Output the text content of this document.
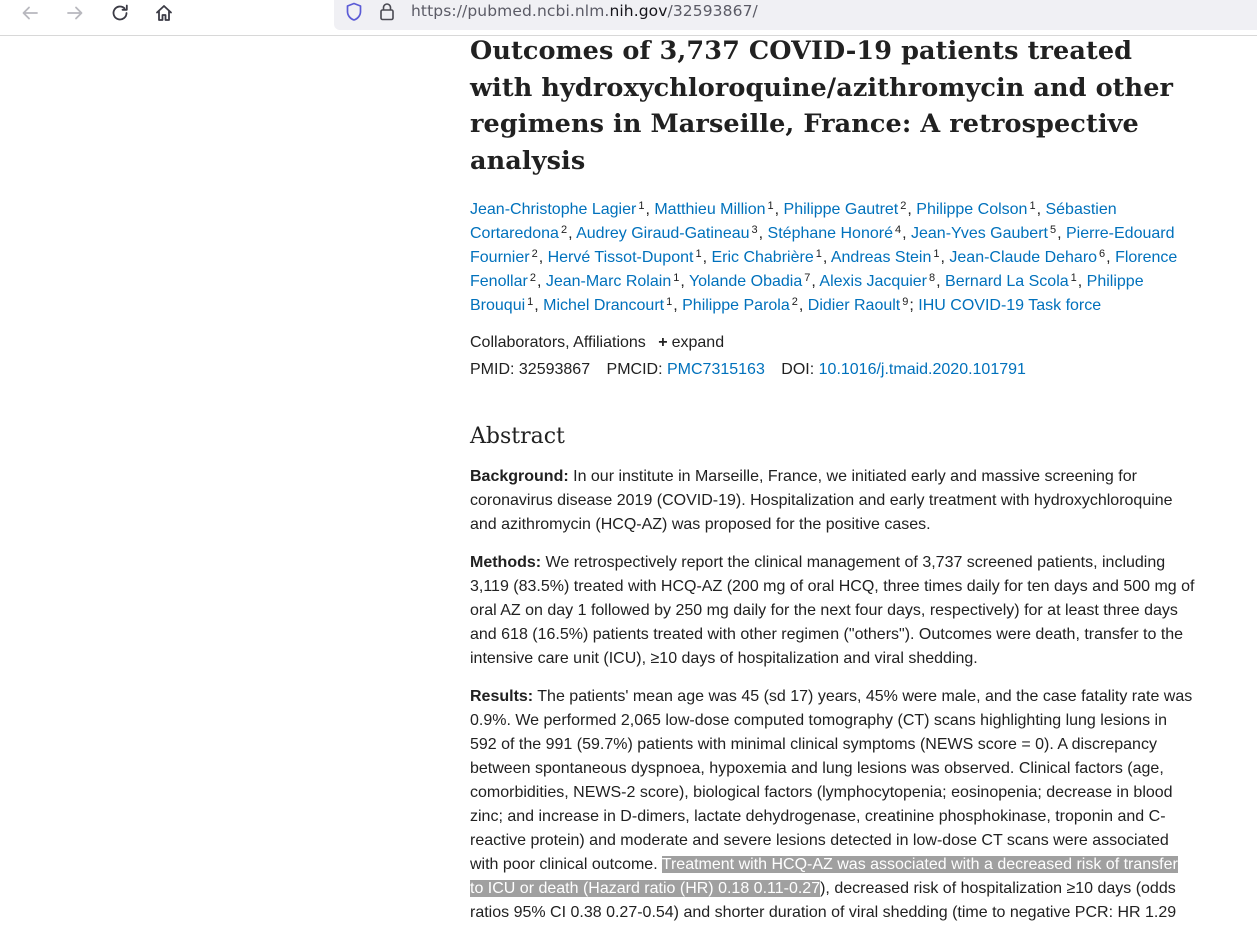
https://pubmed.ncbi.nlm.nih.gov/32593867/
Outcomes of 3,737 COVID-19 patients treated with hydroxychloroquine/azithromycin and other regimens in Marseille, France: A retrospective analysis
Jean-Christophe Lagier $^1$, Matthieu Million $^1$, Philippe Gautret $^2$, Philippe Colson $^1$, Sébastien Cortaredona $^2$, Audrey Giraud-Gatineau $^3$, Stéphane Honoré $^4$, Jean-Yves Gaubert $^5$, Pierre-Edouard Fournier $^2$, Hervé Tissot-Dupont $^1$, Eric Chabrière $^1$, Andreas Stein $^1$, Jean-Claude Deharo $^6$, Florence Fenollar $^2$, Jean-Marc Rolain $^1$, Yolande Obadia $^7$, Alexis Jacquier $^8$, Bernard La Scola $^1$, Philippe Brouqui $^1$, Michel Drancourt $^1$, Philippe Parola $^2$, Didier Raoult $^9$; IHU COVID-19 Task force
Collaborators, Affiliations + expand
PMID: 32593867 PMCID: PMC7315163 DOI: 10.1016/j.tmaid.2020.101791
Abstract

Background: In our institute in Marseille, France, we initiated early and massive screening for coronavirus disease 2019 (COVID-19). Hospitalization and early treatment with hydroxychloroquine and azithromycin (HCQ-AZ) was proposed for the positive cases.

Methods: We retrospectively report the clinical management of 3,737 screened patients, including 3,119 (83.5%) treated with HCQ-AZ (200 mg of oral HCQ, three times daily for ten days and 500 mg of oral AZ on day 1 followed by 250 mg daily for the next four days, respectively) for at least three days and 618 (16.5%) patients treated with other regimen ("others"). Outcomes were death, transfer to the intensive care unit (ICU), ≥10 days of hospitalization and viral shedding.

Results: The patients' mean age was 45 (sd 17) years, 45% were male, and the case fatality rate was 0.9%. We performed 2,065 low-dose computed tomography (CT) scans highlighting lung lesions in 592 of the 991 (59.7%) patients with minimal clinical symptoms (NEWS score = 0). A discrepancy between spontaneous dyspnoea, hypoxemia and lung lesions was observed. Clinical factors (age, comorbidities, NEWS-2 score), biological factors (lymphocytopenia; eosinopenia; decrease in blood zinc; and increase in D-dimers, lactate dehydrogenase, creatinine phosphokinase, troponin and C-reactive protein) and moderate and severe lesions detected in low-dose CT scans were associated with poor clinical outcome. Treatment with HCQ-AZ was associated with a decreased risk of transfer to ICU or death (Hazard ratio (HR) 0.18 0.11-0.27), decreased risk of hospitalization ≥10 days (odds ratios 95% CI 0.38 0.27-0.54) and shorter duration of viral shedding (time to negative PCR: HR 1.29
